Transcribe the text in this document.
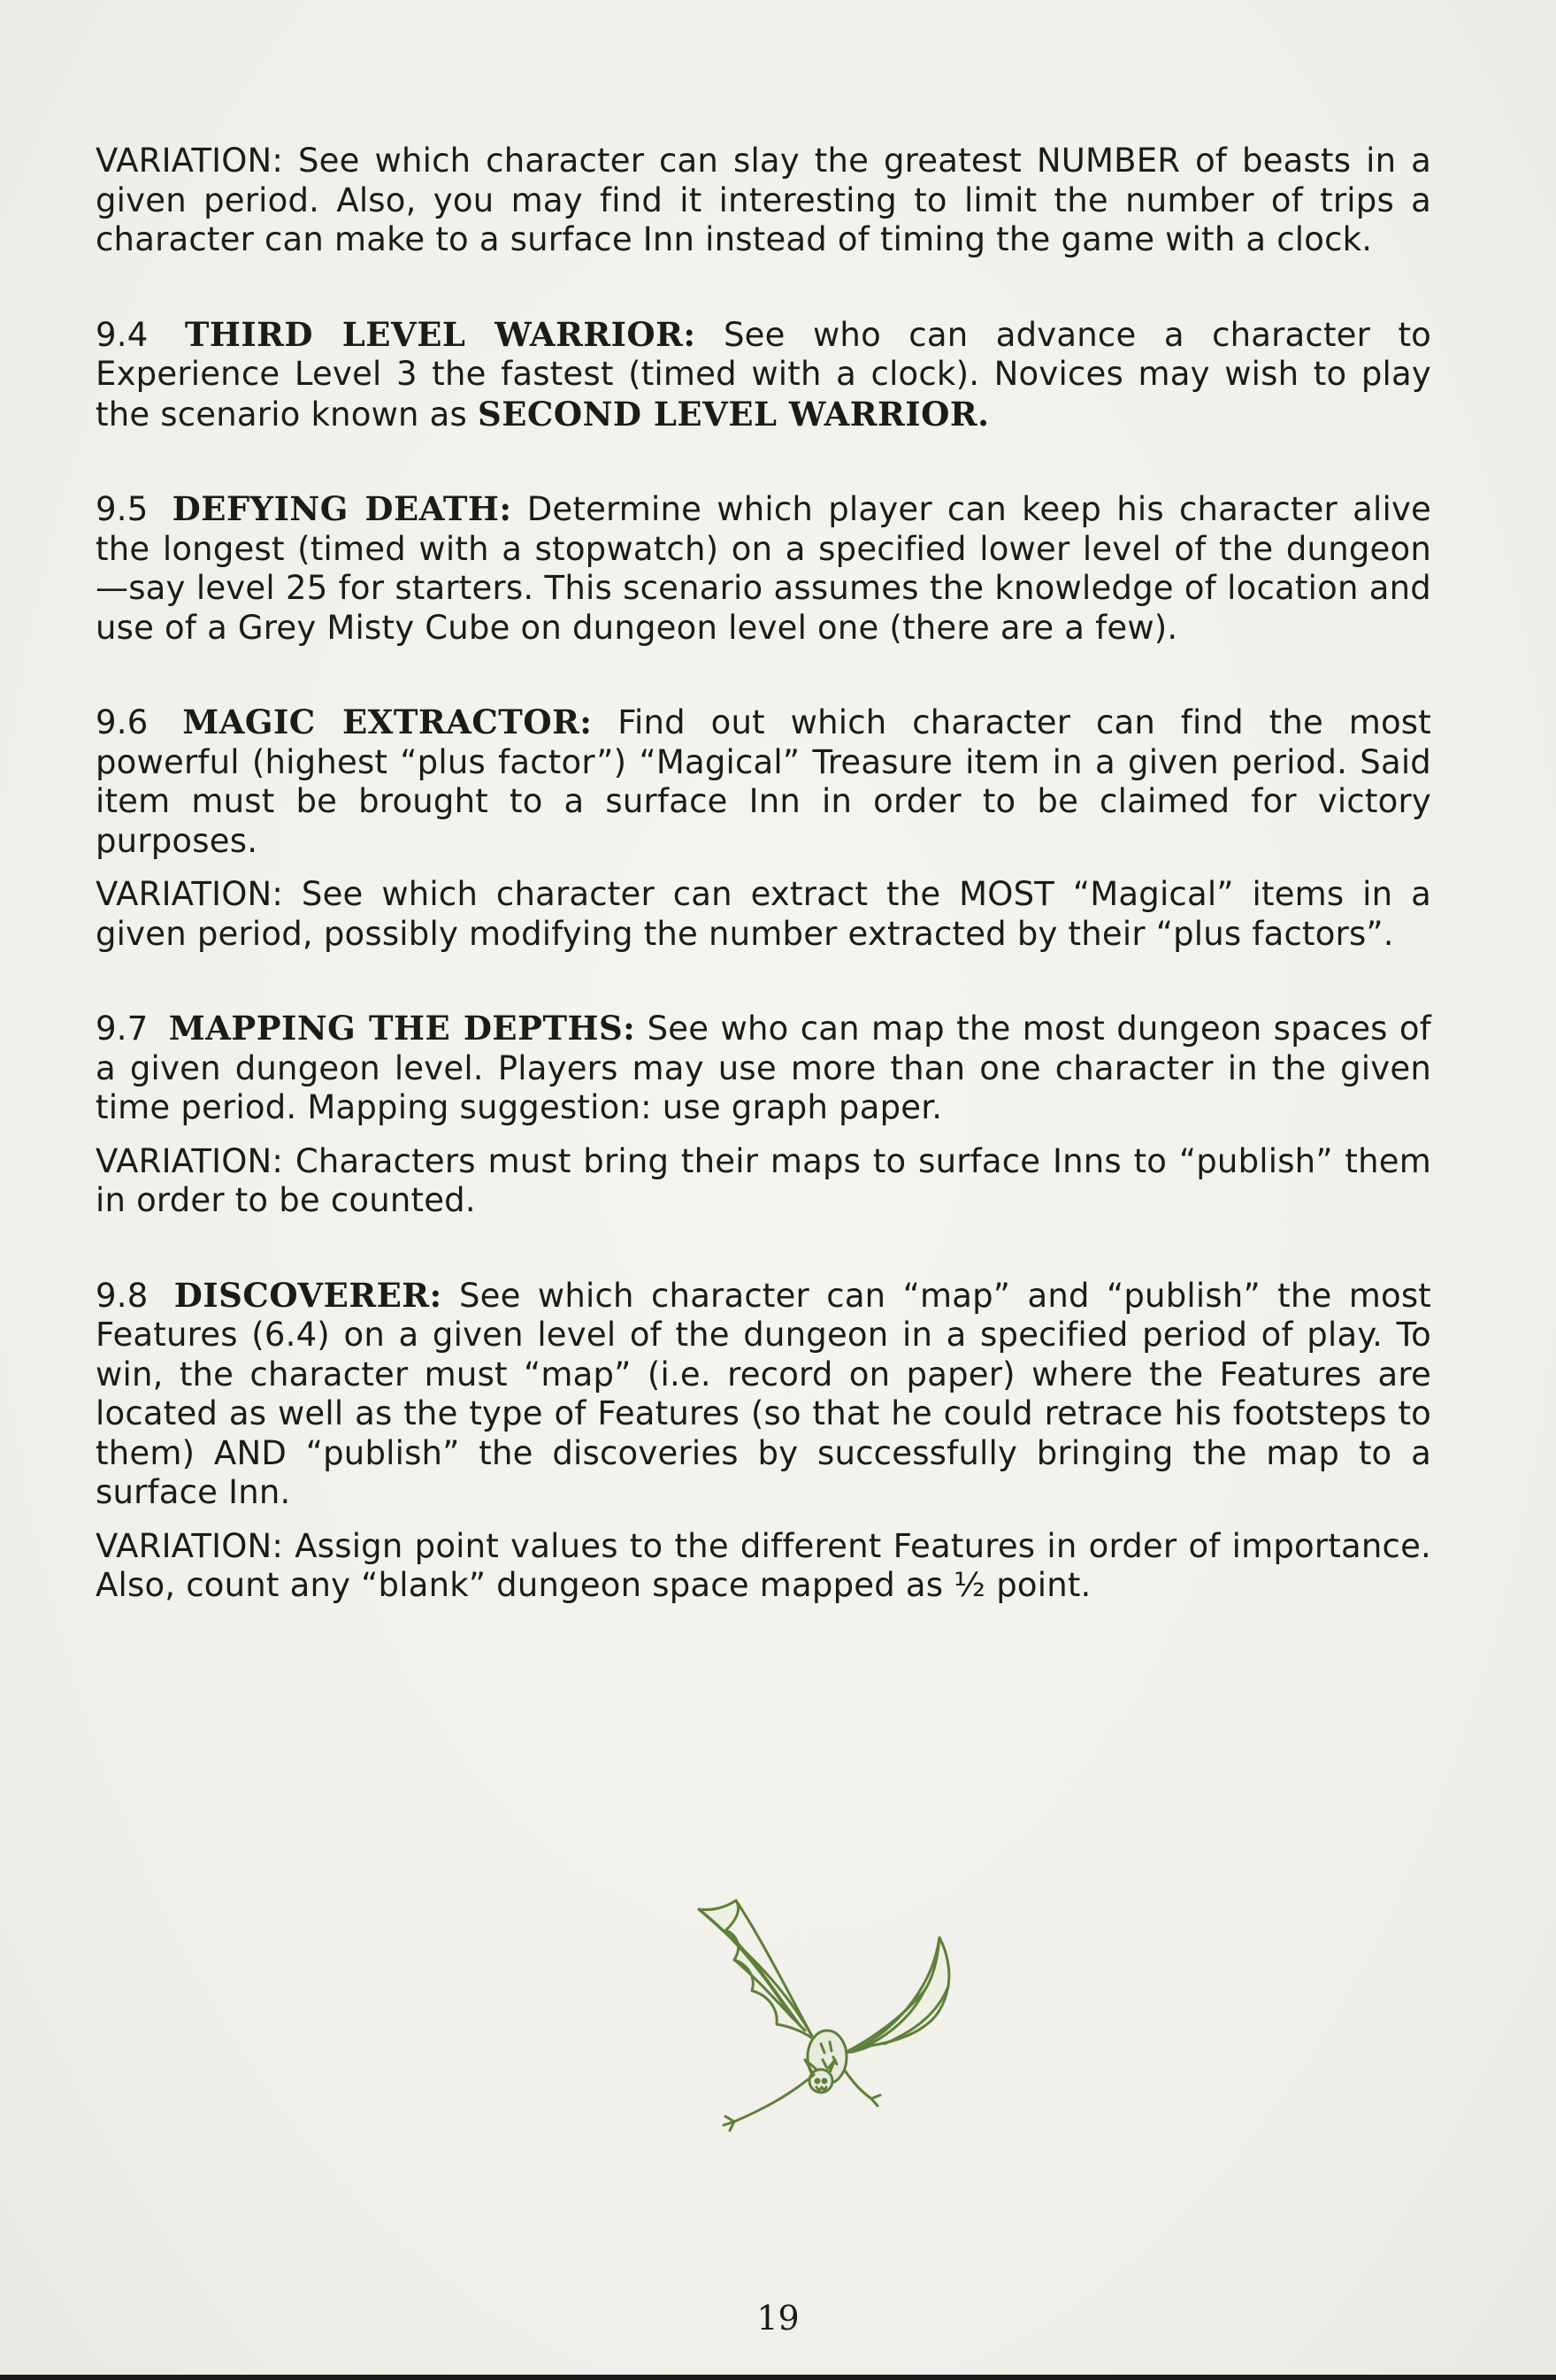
VARIATION: See which character can slay the greatest NUMBER of beasts in a given period. Also, you may find it interesting to limit the number of trips a character can make to a surface Inn instead of timing the game with a clock.

9.4 THIRD LEVEL WARRIOR: See who can advance a character to Experience Level 3 the fastest (timed with a clock). Novices may wish to play the scenario known as SECOND LEVEL WARRIOR.

9.5 DEFYING DEATH: Determine which player can keep his character alive the longest (timed with a stopwatch) on a specified lower level of the dungeon—say level 25 for starters. This scenario assumes the knowledge of location and use of a Grey Misty Cube on dungeon level one (there are a few).

9.6 MAGIC EXTRACTOR: Find out which character can find the most powerful (highest “plus factor”) “Magical” Treasure item in a given period. Said item must be brought to a surface Inn in order to be claimed for victory purposes.

VARIATION: See which character can extract the MOST “Magical” items in a given period, possibly modifying the number extracted by their “plus factors”.

9.7 MAPPING THE DEPTHS: See who can map the most dungeon spaces of a given dungeon level. Players may use more than one character in the given time period. Mapping suggestion: use graph paper.

VARIATION: Characters must bring their maps to surface Inns to “publish” them in order to be counted.

9.8 DISCOVERER: See which character can “map” and “publish” the most Features (6.4) on a given level of the dungeon in a specified period of play. To win, the character must “map” (i.e. record on paper) where the Features are located as well as the type of Features (so that he could retrace his footsteps to them) AND “publish” the discoveries by successfully bringing the map to a surface Inn.

VARIATION: Assign point values to the different Features in order of importance. Also, count any “blank” dungeon space mapped as ½ point.

19
